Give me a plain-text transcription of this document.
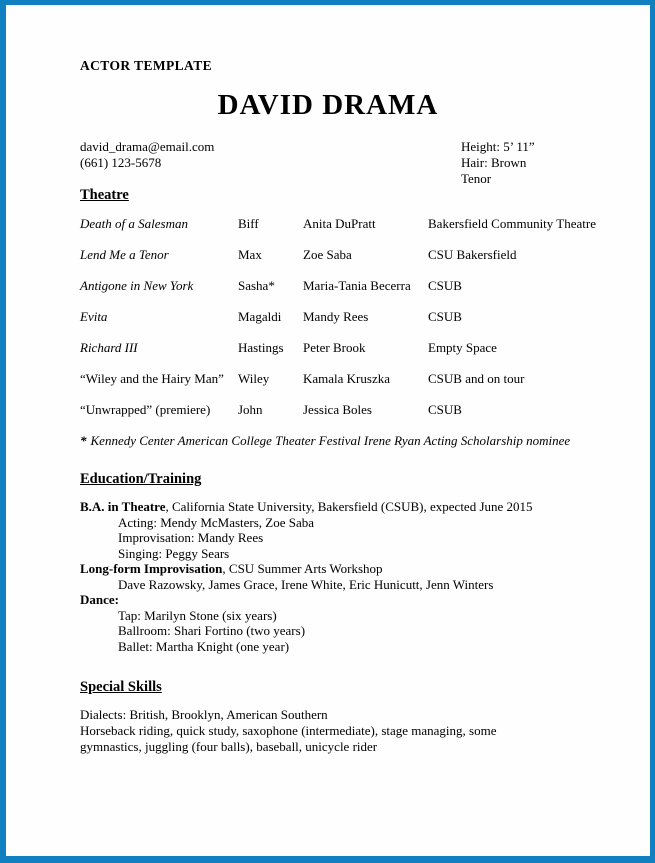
ACTOR TEMPLATE
DAVID DRAMA
david_drama@email.com
(661) 123-5678
Height: 5’ 11”
Hair: Brown
Tenor
Theatre
Death of a Salesman	Biff	Anita DuPratt	Bakersfield Community Theatre
Lend Me a Tenor	Max	Zoe Saba	CSU Bakersfield
Antigone in New York	Sasha*	Maria-Tania Becerra	CSUB
Evita	Magaldi	Mandy Rees	CSUB
Richard III	Hastings	Peter Brook	Empty Space
“Wiley and the Hairy Man”	Wiley	Kamala Kruszka	CSUB and on tour
“Unwrapped” (premiere)	John	Jessica Boles	CSUB
* Kennedy Center American College Theater Festival Irene Ryan Acting Scholarship nominee
Education/Training
B.A. in Theatre, California State University, Bakersfield (CSUB), expected June 2015
Acting: Mendy McMasters, Zoe Saba
Improvisation: Mandy Rees
Singing: Peggy Sears
Long-form Improvisation, CSU Summer Arts Workshop
Dave Razowsky, James Grace, Irene White, Eric Hunicutt, Jenn Winters
Dance:
Tap: Marilyn Stone (six years)
Ballroom: Shari Fortino (two years)
Ballet: Martha Knight (one year)
Special Skills
Dialects: British, Brooklyn, American Southern
Horseback riding, quick study, saxophone (intermediate), stage managing, some
gymnastics, juggling (four balls), baseball, unicycle rider
